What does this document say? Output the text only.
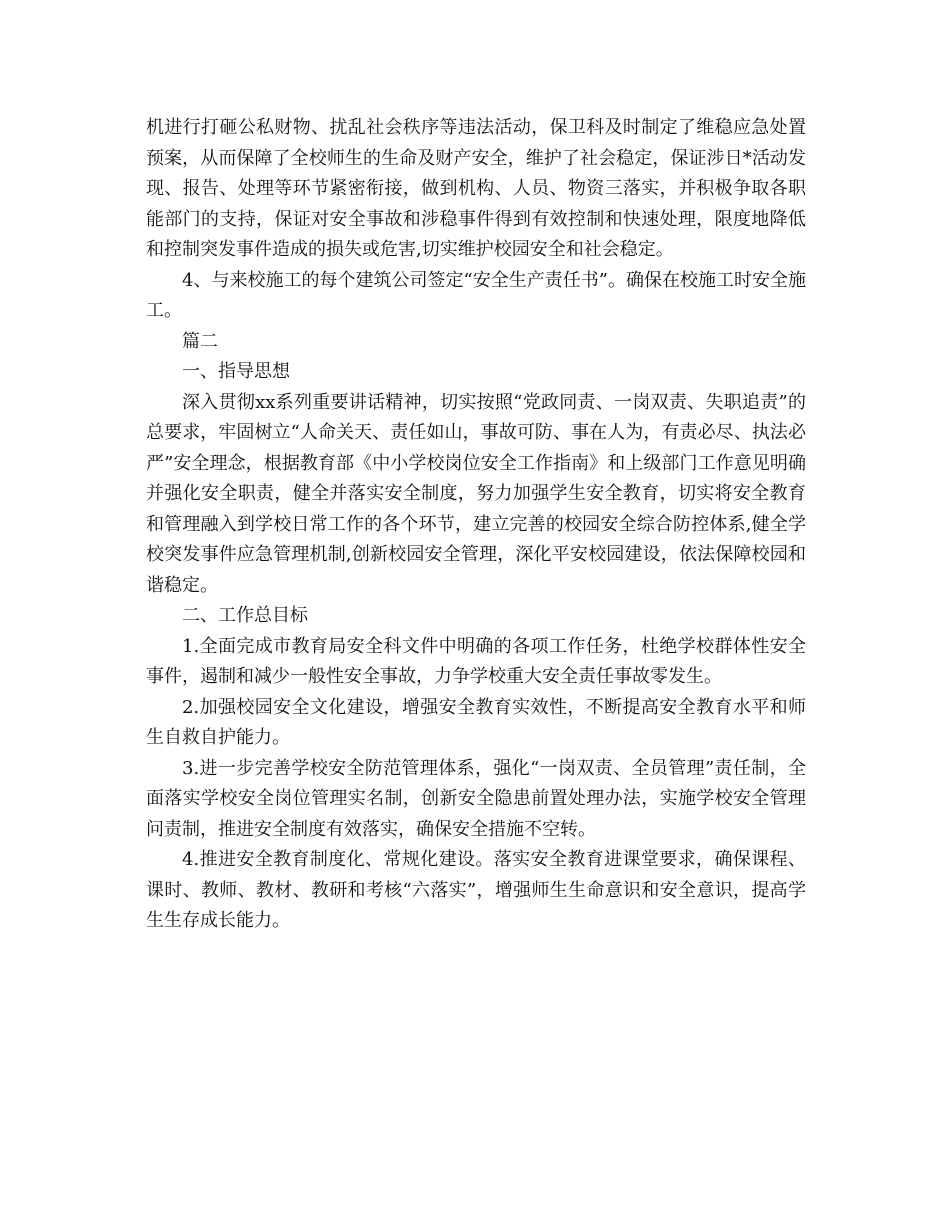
机进行打砸公私财物、扰乱社会秩序等违法活动，保卫科及时制定了维稳应急处置预案，从而保障了全校师生的生命及财产安全，维护了社会稳定，保证涉日*活动发现、报告、处理等环节紧密衔接，做到机构、人员、物资三落实，并积极争取各职能部门的支持，保证对安全事故和涉稳事件得到有效控制和快速处理，限度地降低和控制突发事件造成的损失或危害,切实维护校园安全和社会稳定。

4、与来校施工的每个建筑公司签定“安全生产责任书”。确保在校施工时安全施工。

篇二

一、指导思想

深入贯彻xx系列重要讲话精神，切实按照“党政同责、一岗双责、失职追责”的总要求，牢固树立“人命关天、责任如山，事故可防、事在人为，有责必尽、执法必严”安全理念，根据教育部《中小学校岗位安全工作指南》和上级部门工作意见明确并强化安全职责，健全并落实安全制度，努力加强学生安全教育，切实将安全教育和管理融入到学校日常工作的各个环节，建立完善的校园安全综合防控体系,健全学校突发事件应急管理机制,创新校园安全管理，深化平安校园建设，依法保障校园和谐稳定。

二、工作总目标

1.全面完成市教育局安全科文件中明确的各项工作任务，杜绝学校群体性安全事件，遏制和减少一般性安全事故，力争学校重大安全责任事故零发生。

2.加强校园安全文化建设，增强安全教育实效性，不断提高安全教育水平和师生自救自护能力。

3.进一步完善学校安全防范管理体系，强化“一岗双责、全员管理”责任制，全面落实学校安全岗位管理实名制，创新安全隐患前置处理办法，实施学校安全管理问责制，推进安全制度有效落实，确保安全措施不空转。

4.推进安全教育制度化、常规化建设。落实安全教育进课堂要求，确保课程、课时、教师、教材、教研和考核“六落实”，增强师生生命意识和安全意识，提高学生生存成长能力。
